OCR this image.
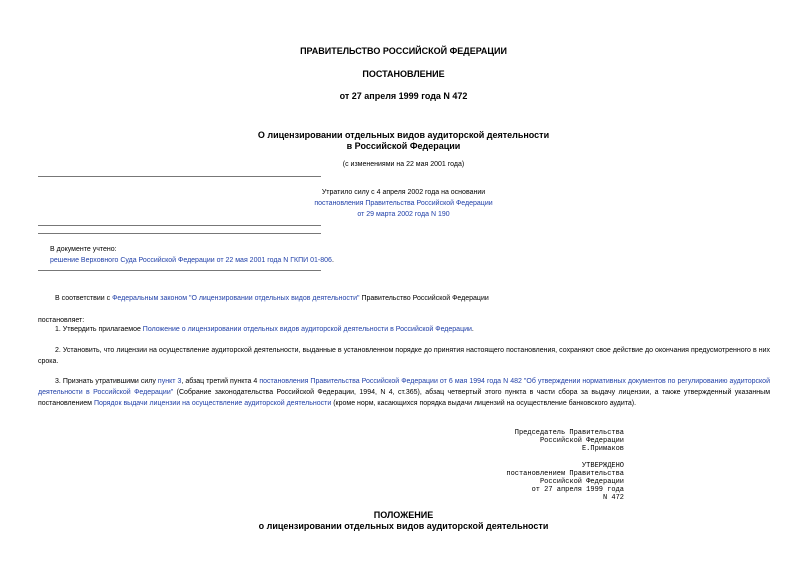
ПРАВИТЕЛЬСТВО РОССИЙСКОЙ ФЕДЕРАЦИИ
ПОСТАНОВЛЕНИЕ
от 27 апреля 1999 года N 472
О лицензировании отдельных видов аудиторской деятельности
в Российской Федерации
(с изменениями на 22 мая 2001 года)
Утратило силу с 4 апреля 2002 года на основании
постановления Правительства Российской Федерации
от 29 марта 2002 года N 190
В документе учтено:
решение Верховного Суда Российской Федерации от 22 мая 2001 года N ГКПИ 01-806.
В соответствии с Федеральным законом "О лицензировании отдельных видов деятельности" Правительство Российской Федерации
постановляет:
1. Утвердить прилагаемое Положение о лицензировании отдельных видов аудиторской деятельности в Российской Федерации.
2. Установить, что лицензии на осуществление аудиторской деятельности, выданные в установленном порядке до принятия настоящего постановления, сохраняют свое действие до окончания предусмотренного в них срока.
3. Признать утратившими силу пункт 3, абзац третий пункта 4 постановления Правительства Российской Федерации от 6 мая 1994 года N 482 "Об утверждении нормативных документов по регулированию аудиторской деятельности в Российской Федерации" (Собрание законодательства Российской Федерации, 1994, N 4, ст.365), абзац четвертый этого пункта в части сбора за выдачу лицензии, а также утвержденный указанным постановлением Порядок выдачи лицензии на осуществление аудиторской деятельности (кроме норм, касающихся порядка выдачи лицензий на осуществление банковского аудита).
Председатель Правительства
Российской Федерации
Е.Примаков
УТВЕРЖДЕНО
постановлением Правительства
Российской Федерации
от 27 апреля 1999 года
N 472
ПОЛОЖЕНИЕ
о лицензировании отдельных видов аудиторской деятельности
